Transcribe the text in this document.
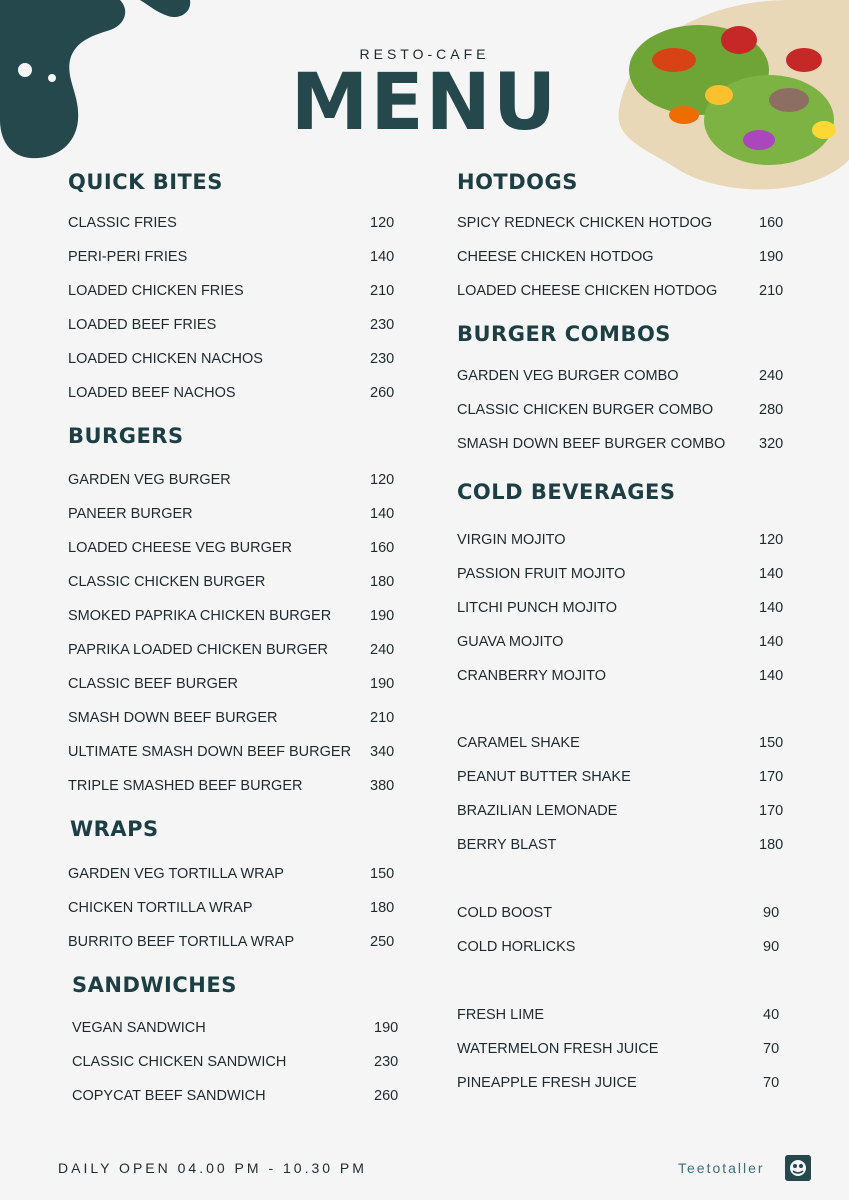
RESTO-CAFE
MENU
QUICK BITES
BURGERS
WRAPS
SANDWICHES
HOTDOGS
BURGER COMBOS
COLD BEVERAGES
CLASSIC FRIES	120
PERI-PERI FRIES	140
LOADED CHICKEN FRIES	210
LOADED BEEF FRIES	230
LOADED CHICKEN NACHOS	230
LOADED BEEF NACHOS	260
GARDEN VEG BURGER	120
PANEER BURGER	140
LOADED CHEESE VEG BURGER	160
CLASSIC CHICKEN BURGER	180
SMOKED PAPRIKA CHICKEN BURGER	190
PAPRIKA LOADED CHICKEN BURGER	240
CLASSIC BEEF BURGER	190
SMASH DOWN BEEF BURGER	210
ULTIMATE SMASH DOWN BEEF BURGER 340
TRIPLE SMASHED BEEF BURGER	380
GARDEN VEG TORTILLA WRAP	150
CHICKEN TORTILLA WRAP	180
BURRITO BEEF TORTILLA WRAP	250
VEGAN SANDWICH	190
CLASSIC CHICKEN SANDWICH	230
COPYCAT BEEF SANDWICH	260
SPICY REDNECK CHICKEN HOTDOG	160
CHEESE CHICKEN HOTDOG	190
LOADED CHEESE CHICKEN HOTDOG	210
GARDEN VEG BURGER COMBO	240
CLASSIC CHICKEN BURGER COMBO	280
SMASH DOWN BEEF BURGER COMBO 320
VIRGIN MOJITO	120
PASSION FRUIT MOJITO	140
LITCHI PUNCH MOJITO	140
GUAVA MOJITO	140
CRANBERRY MOJITO	140
CARAMEL SHAKE	150
PEANUT BUTTER SHAKE	170
BRAZILIAN LEMONADE	170
BERRY BLAST	180
COLD BOOST	90
COLD HORLICKS	90
FRESH LIME	40
WATERMELON FRESH JUICE	70
PINEAPPLE FRESH JUICE	70
DAILY OPEN 04.00 PM - 10.30 PM	Teetotaller
